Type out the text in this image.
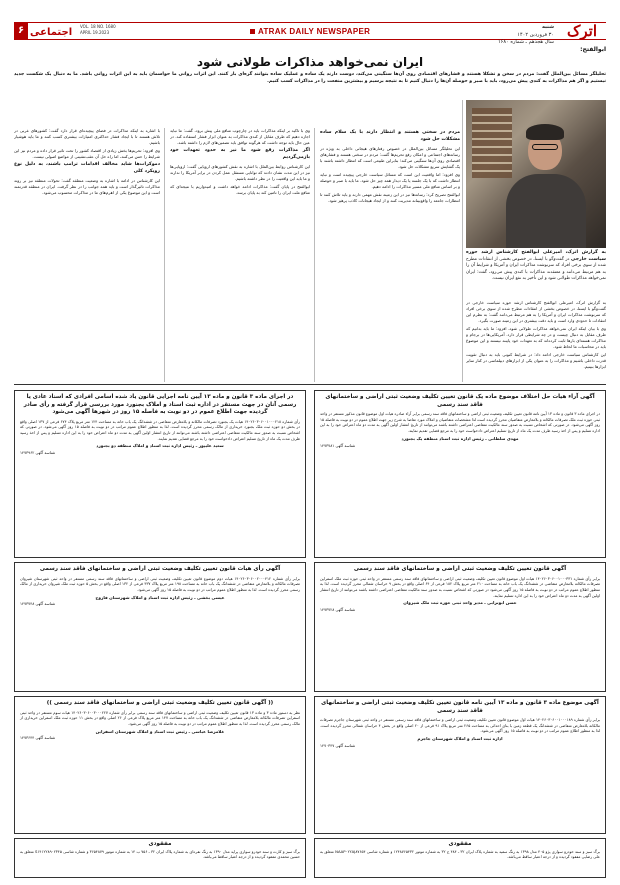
۶ اجتماعی
VOL. 18 NO. 1680
APRIL 19.2023	ATRAK DAILY NEWSPAPER	شنبه
۳۰ فروردین ۱۴۰۲
سال هجدهم ـ شماره ۱۶۸۰
اترک
ابوالفتح:
ایران نمی‌خواهد مذاکرات طولانی شود
تحلیلگر مسائل بین‌الملل گفت: مردم در سخن و تشکلا هستند و فشارهای اقتصادی روی آن‌ها سنگینی می‌کند، دوست دارند یک ساده و عملیک ساده بتوانند گره‌ای باز کنند. این اثرات روانی ما حواسمان باید به این اثرات روانی باشد. ما به دنبال یک شکست جدید نیستیم و اگر هم مذاکرات به کندی پیش می‌رود، باید با صبر و حوصله آن‌ها را دنبال کنیم تا به نتیجه برسیم و بیشترین منفعت را در مذاکرات کسب کنیم.
به گزارش اترک، امیرعلی ابوالفتح کارشناس ارشد حوزه سیاست خارجی در گفت‌وگو با ایسنا، در خصوص بخشی از انتقادات مطرح شده از سوی برخی افراد که سرنوشت مذاکرات ایران و آمریکا و شرایط آن را به هم مرتبط می‌دانند و معتقدند مذاکرات با کندی پیش می‌رود، گفت: ایران نمی‌خواهد مذاکرات طولانی شود و این تأخیر به نفع ایران نیست.
مردم در سختی هستند و انتظار دارند با یک سلام ساده مشکلات حل شود

این تحلیلگر مسائل بین‌الملل در خصوص رفتارهای هیجانی داخلی به ویژه در رسانه‌های اجتماعی و امکان رفع تحریم‌ها گفت: مردم در سختی هستند و فشارهای اقتصادی روی آن‌ها سنگینی می‌کند؛ بنابراین طبیعی است که انتظار داشته باشند با یک گشایش سریع مشکلات حل شود.

وی افزود: اما واقعیت این است که مسائل سیاست خارجی پیچیده است و نباید انتظار داشت که با یک جلسه یا یک دیدار همه چیز حل شود. ما باید با صبر و حوصله و بر اساس منافع ملی مسیر مذاکرات را ادامه دهیم.

ابوالفتح تصریح کرد: رسانه‌ها نیز در این زمینه نقش مهمی دارند و باید تلاش کنند تا انتظارات جامعه را واقع‌بینانه مدیریت کنند و از ایجاد هیجانات کاذب پرهیز شود.

وی با تاکید بر اینکه مذاکرات باید در چارچوب منافع ملی پیش برود، گفت: ما نباید اجازه دهیم که طرف مقابل از کندی مذاکرات به عنوان ابزار فشار استفاده کند. در عین حال باید توجه داشت که هرگونه توافق باید تضمین‌های لازم را داشته باشد.

اگر مذاکرات رفع شود ما نیز به حدود تعهدات خود بازمی‌گردیم

این کارشناس روابط بین‌الملل با اشاره به نقش کشورهای اروپایی گفت: اروپایی‌ها نیز در این مدت نشان دادند که توانایی مستقل عمل کردن در برابر آمریکا را ندارند و ما باید این واقعیت را در نظر داشته باشیم.

ابوالفتح در پایان گفت: مذاکرات ادامه خواهد داشت و امیدواریم با نتیجه‌ای که منافع ملت ایران را تامین کند به پایان برسد.

با اشاره به اینکه مذاکرات در فضای پیچیده‌ای قرار دارد گفت: کشورهای غربی در تلاش هستند تا با ایجاد فشار حداکثری امتیازات بیشتری کسب کنند و ما باید هوشیار باشیم.

وی افزود: تحریم‌ها بخش زیادی از اقتصاد کشور را تحت تاثیر قرار داده و مردم نیز این شرایط را حس می‌کنند، اما راه حل آن عقب‌نشینی از مواضع اصولی نیست.

دموکرات‌ها شاید مخالف اقدامات ترامپ باشند، به دلیل نوع رویکرد کلی

این کارشناس در ادامه با اشاره به وضعیت منطقه گفت: تحولات منطقه نیز بر روند مذاکرات تاثیرگذار است و باید همه جوانب را در نظر گرفت. ایران در منطقه قدرتمند است و این موضوع یکی از اهرم‌های ما در مذاکرات محسوب می‌شود.

به گزارش اترک، امیرعلی ابوالفتح کارشناس ارشد حوزه سیاست خارجی در گفت‌وگو با ایسنا، در خصوص بخشی از انتقادات مطرح شده از سوی برخی افراد که سرنوشت مذاکرات ایران و آمریکا را به هم مرتبط می‌دانند گفت: به نظرم این انتقادات تا حدودی وارد است و باید دقت بیشتری در این زمینه صورت بگیرد.

وی با بیان اینکه ایران نمی‌خواهد مذاکرات طولانی شود، افزود: ما باید بدانیم که طرف مقابل به دنبال چیست و در چه شرایطی قرار دارد. آمریکایی‌ها در برجام و مذاکرات هسته‌ای بارها ثابت کرده‌اند که به تعهدات خود پایبند نیستند و این موضوع باید در محاسبات ما لحاظ شود.

این کارشناس سیاست خارجی ادامه داد: در شرایط کنونی باید به دنبال تقویت قدرت داخلی باشیم و مذاکرات را به عنوان یکی از ابزارهای دیپلماسی در کنار سایر ابزارها ببینیم.

آگهی آراء هیات حل اختلاف موضوع ماده یک قانون تعیین تکلیف وضعیت ثبتی اراضی و ساختمانهای فاقد سند رسمی
در اجرای ماده ۳ قانون و ماده ۱۳ آیین نامه قانون تعیین تکلیف وضعیت ثبتی اراضی و ساختمانهای فاقد سند رسمی برابر آراء صادره هیات اول موضوع قانون مذکور مستقر در واحد ثبتی حوزه ثبت ملک تصرفات مالکانه و بلامعارض متقاضیان محرز گردیده است لذا مشخصات متقاضیان و املاک مورد تقاضا به شرح زیر جهت اطلاع عموم در دو نوبت به فاصله ۱۵ روز آگهی می‌شود. در صورتی که اشخاص نسبت به صدور سند مالکیت متقاضی اعتراضی داشته باشند می‌توانند از تاریخ انتشار اولین آگهی به مدت دو ماه اعتراض خود را به این اداره تسلیم و پس از اخذ رسید ظرف مدت یک ماه از تاریخ تسلیم اعتراض دادخواست خود را به مرجع قضایی تقدیم نمایند.
مهدی سلطانی ـ رئیس اداره ثبت اسناد منطقه یک بجنورد
شناسه آگهی ۱۴۷۳۷۸۱
در اجرای ماده ۳ قانون و ماده ۱۳ آیین نامه اجرایی قانون یاد شده اسامی افرادی که اسناد عادی یا رسمی آنان در جهت مستقر در اداره ثبت اسناد و املاک بجنورد مورد بررسی قرار گرفته و رأی صادر گردیده جهت اطلاع عموم در دو نوبت به فاصله ۱۵ روز در شهرها آگهی می‌شود
رأی شماره ۱۴۰۲۶۰۳۰۶۰۰۱۰۰۰۲۱۸ هیات یک بجنورد تصرفات مالکانه و بلامعارض متقاضی در ششدانگ یک باب خانه به مساحت ۱۲۴ متر مربع پلاک ۶۷۴ فرعی از ۱۳۷ اصلی واقع در بخش دو حوزه ثبت ملک بجنورد خریداری از مالک رسمی محرز گردیده است. لذا به منظور اطلاع عموم مراتب در دو نوبت به فاصله ۱۵ روز آگهی می‌شود. در صورتی که اشخاص نسبت به صدور سند مالکیت متقاضی اعتراضی داشته باشند می‌توانند از تاریخ انتشار اولین آگهی به مدت دو ماه اعتراض خود را به این اداره تسلیم و پس از اخذ رسید ظرف مدت یک ماه از تاریخ تسلیم اعتراض دادخواست خود را به مرجع قضایی تقدیم نمایند.
سعید علیپور ـ رئیس اداره ثبت اسناد و املاک منطقه دو بجنورد
شناسه آگهی ۱۴۷۳۹۶۲
آگهی قانون تعیین تکلیف وضعیت ثبتی اراضی و ساختمانهای فاقد سند رسمی
برابر رأی شماره ۱۴۰۲۶۰۳۰۶۰۰۱۰۰۰۳۳۱ هیات اول موضوع قانون تعیین تکلیف وضعیت ثبتی اراضی و ساختمانهای فاقد سند رسمی مستقر در واحد ثبتی حوزه ثبت ملک اسفراین تصرفات مالکانه بلامعارض متقاضی در ششدانگ یک باب خانه به مساحت ۲۱۰ متر مربع پلاک ۱۸۲ فرعی از ۶۴ اصلی واقع در بخش ۹ خراسان شمالی محرز گردیده است. لذا به منظور اطلاع عموم مراتب در دو نوبت به فاصله ۱۵ روز آگهی می‌شود در صورتی که اشخاص نسبت به صدور سند مالکیت متقاضی اعتراضی داشته باشند می‌توانند از تاریخ انتشار اولین آگهی به مدت دو ماه اعتراض خود را به این اداره تسلیم نمایند.
حسن ابوترابی ـ مدیر واحد ثبتی حوزه ثبت ملک شیروان
شناسه آگهی ۱۴۷۳۷۲۸
آگهی رأی هیات قانون تعیین تکلیف وضعیت ثبتی اراضی و ساختمانهای فاقد سند رسمی
برابر رأی شماره ۱۴۰۲۶۰۳۰۶۰۰۲۰۰۰۴۱۲ هیات دوم موضوع قانون تعیین تکلیف وضعیت ثبتی اراضی و ساختمانهای فاقد سند رسمی مستقر در واحد ثبتی شهرستان شیروان تصرفات مالکانه و بلامعارض متقاضی در ششدانگ یک باب خانه به مساحت ۱۹۸ متر مربع پلاک ۴۳۷ فرعی از ۱۳۲ اصلی واقع در بخش ۵ حوزه ثبت ملک شیروان خریداری از مالک رسمی محرز گردیده است. لذا به منظور اطلاع عموم مراتب در دو نوبت به فاصله ۱۵ روز آگهی می‌شود.
عیسی بخشی ـ رئیس اداره ثبت اسناد و املاک شهرستان فاروج
شناسه آگهی ۱۴۷۳۷۴۸
آگهی موضوع ماده ۳ قانون و ماده ۱۳ آیین نامه قانون تعیین تکلیف وضعیت ثبتی اراضی و ساختمانهای فاقد سند رسمی
برابر رأی شماره ۱۴۰۲۶۰۳۰۶۰۰۱۰۰۰۱۸۹ هیات اول موضوع قانون تعیین تکلیف وضعیت ثبتی اراضی و ساختمانهای فاقد سند رسمی مستقر در واحد ثبتی شهرستان جاجرم تصرفات مالکانه بلامعارض متقاضی در ششدانگ یک قطعه زمین با بنای احداثی به مساحت ۲۶۵ متر مربع پلاک ۹۱ فرعی از ۲۰ اصلی واقع در بخش ۴ خراسان شمالی محرز گردیده است. لذا به منظور اطلاع عموم مراتب در دو نوبت به فاصله ۱۵ روز آگهی می‌شود.
اداره ثبت اسناد و املاک شهرستان جاجرم
شناسه آگهی ۱۴۷۰۳۴۷
(( آگهی قانون تعیین تکلیف وضعیت ثبتی اراضی و ساختمانهای فاقد سند رسمی ))
نظر به دستور ماده ۳ و ماده ۱۳ قانون تعیین تکلیف وضعیت ثبتی اراضی و ساختمانهای فاقد سند رسمی برابر رأی شماره ۱۴۰۲۶۰۳۰۶۰۰۳۰۰۰۲۲۷ هیات سوم مستقر در واحد ثبتی اسفراین تصرفات مالکانه بلامعارض متقاضی در ششدانگ یک باب خانه به مساحت ۱۴۷ متر مربع پلاک فرعی از ۲۶ اصلی واقع در بخش ۱۱ حوزه ثبت ملک اسفراین خریداری از مالک رسمی محرز گردیده است. لذا به منظور اطلاع عموم مراتب در دو نوبت به فاصله ۱۵ روز آگهی می‌شود.
غلامرضا عباسی ـ رئیس ثبت اسناد و املاک شهرستان اسفراین
شناسه آگهی ۱۴۷۳۶۴۴
مفقودی
برگ سبز و سند خودرو سواری پژو ۴۰۵ مدل ۱۳۹۸ به رنگ سفید به شماره پلاک ایران ۳۲ ـ ۴۸۴ ج ۳۲ به شماره موتور ۱۲۴۸۷۶۵۴۳۲ و شماره شاسی NAAP۰۲۲AJ۸۷۶۵۴ متعلق به علی رضایی مفقود گردیده و از درجه اعتبار ساقط می‌باشد.
مفقودی
برگ سبز و کارت و سند خودرو سواری پراید مدل ۱۳۹۰ به رنگ نقره‌ای به شماره پلاک ایران ۳۲ ـ ۷۵۶ ب ۱۴ به شماره موتور ۳۶۵۴۸۷۹ و شماره شاسی S۱۴۱۲۲۸۹۰۲۳۴۵ متعلق به حسین محمدی مفقود گردیده و از درجه اعتبار ساقط می‌باشد.
